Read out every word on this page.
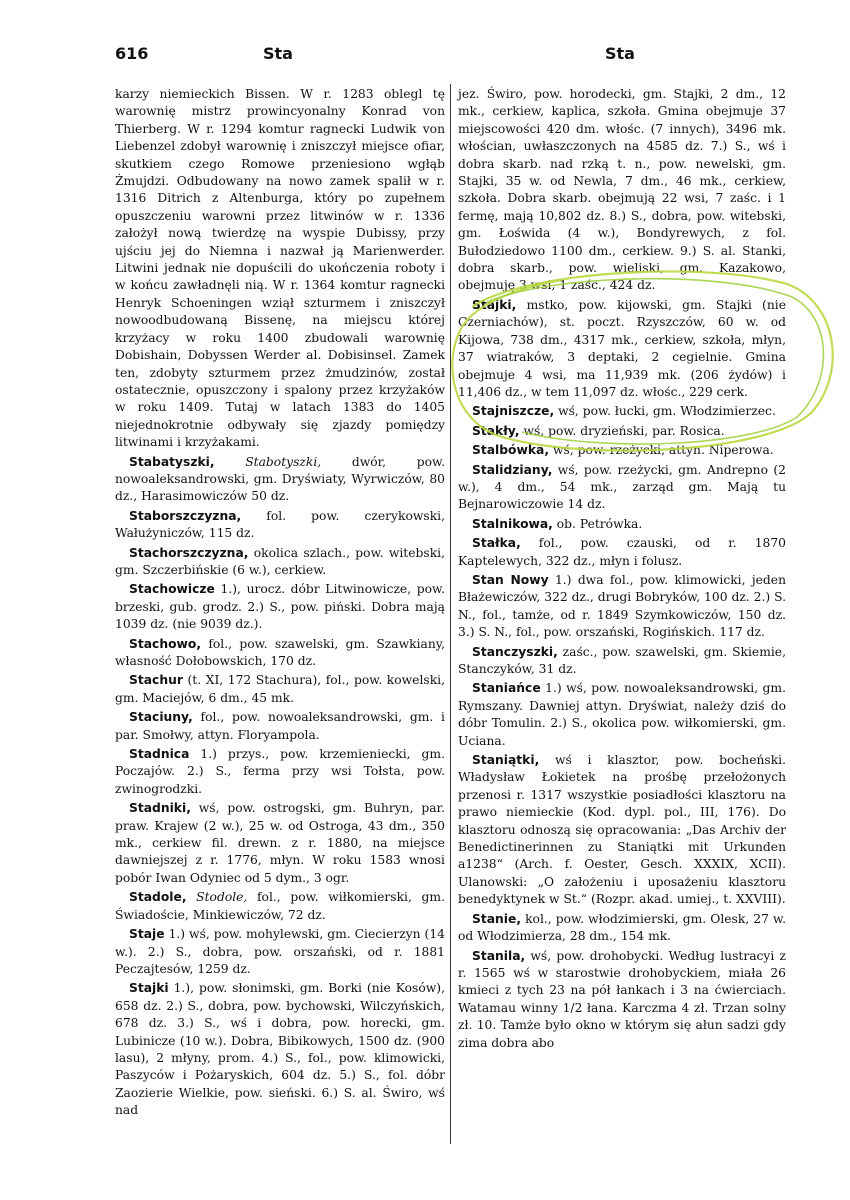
616	Sta	Sta

karzy niemieckich Bissen. W r. 1283 oblegl tę warownię mistrz prowincyonalny Konrad von Thierberg. W r. 1294 komtur ragnecki Ludwik von Liebenzel zdobył warownię i zniszczył miejsce ofiar, skutkiem czego Romowe przeniesiono wgłąb Żmujdzi. Odbudowany na nowo zamek spalił w r. 1316 Ditrich z Altenburga, który po zupełnem opuszczeniu warowni przez litwinów w r. 1336 założył nową twierdzę na wyspie Dubissy, przy ujściu jej do Niemna i nazwał ją Marienwerder. Litwini jednak nie dopuścili do ukończenia roboty i w końcu zawładnęli nią. W r. 1364 komtur ragnecki Henryk Schoeningen wziął szturmem i zniszczył nowoodbudowaną Bissenę, na miejscu której krzyżacy w roku 1400 zbudowali warownię Dobishain, Dobyssen Werder al. Dobisinsel. Zamek ten, zdobyty szturmem przez żmudzinów, został ostatecznie, opuszczony i spalony przez krzyżaków w roku 1409. Tutaj w latach 1383 do 1405 niejednokrotnie odbywały się zjazdy pomiędzy litwinami i krzyżakami.

Stabatyszki, Stabotyszki, dwór, pow. nowoaleksandrowski, gm. Dryświaty, Wyrwiczów, 80 dz., Harasimowiczów 50 dz.

Staborszczyzna, fol. pow. czerykowski, Wałużyniczów, 115 dz.

Stachorszczyzna, okolica szlach., pow. witebski, gm. Szczerbińskie (6 w.), cerkiew.

Stachowicze 1.), urocz. dóbr Litwinowicze, pow. brzeski, gub. grodz. 2.) S., pow. piński. Dobra mają 1039 dz. (nie 9039 dz.).

Stachowo, fol., pow. szawelski, gm. Szawkiany, własność Dołobowskich, 170 dz.

Stachur (t. XI, 172 Stachura), fol., pow. kowelski, gm. Maciejów, 6 dm., 45 mk.

Staciuny, fol., pow. nowoaleksandrowski, gm. i par. Smołwy, attyn. Floryampola.

Stadnica 1.) przys., pow. krzemieniecki, gm. Poczajów. 2.) S., ferma przy wsi Tołsta, pow. zwinogrodzki.

Stadniki, wś, pow. ostrogski, gm. Buhryn, par. praw. Krajew (2 w.), 25 w. od Ostroga, 43 dm., 350 mk., cerkiew fil. drewn. z r. 1880, na miejsce dawniejszej z r. 1776, młyn. W roku 1583 wnosi pobór Iwan Odyniec od 5 dym., 3 ogr.

Stadole, Stodole, fol., pow. wiłkomierski, gm. Świadoście, Minkiewiczów, 72 dz.

Staje 1.) wś, pow. mohylewski, gm. Ciecierzyn (14 w.). 2.) S., dobra, pow. orszański, od r. 1881 Peczajtesów, 1259 dz.

Stajki 1.), pow. słonimski, gm. Borki (nie Kosów), 658 dz. 2.) S., dobra, pow. bychowski, Wilczyńskich, 678 dz. 3.) S., wś i dobra, pow. horecki, gm. Lubinicze (10 w.). Dobra, Bibikowych, 1500 dz. (900 lasu), 2 młyny, prom. 4.) S., fol., pow. klimowicki, Paszyców i Pożaryskich, 604 dz. 5.) S., fol. dóbr Zaozierie Wielkie, pow. sieński. 6.) S. al. Świro, wś nad

jez. Świro, pow. horodecki, gm. Stajki, 2 dm., 12 mk., cerkiew, kaplica, szkoła. Gmina obejmuje 37 miejscowości 420 dm. włośc. (7 innych), 3496 mk. włościan, uwłaszczonych na 4585 dz. 7.) S., wś i dobra skarb. nad rzką t. n., pow. newelski, gm. Stajki, 35 w. od Newla, 7 dm., 46 mk., cerkiew, szkoła. Dobra skarb. obejmują 22 wsi, 7 zaśc. i 1 fermę, mają 10,802 dz. 8.) S., dobra, pow. witebski, gm. Łoświda (4 w.), Bondyrewych, z fol. Bułodziedowo 1100 dm., cerkiew. 9.) S. al. Stanki, dobra skarb., pow. wieliski, gm. Kazakowo, obejmuję 3 wsi, 1 zaśc., 424 dz.

Stajki, mstko, pow. kijowski, gm. Stajki (nie Czerniachów), st. poczt. Rzyszczów, 60 w. od Kijowa, 738 dm., 4317 mk., cerkiew, szkoła, młyn, 37 wiatraków, 3 deptaki, 2 cegielnie. Gmina obejmuje 4 wsi, ma 11,939 mk. (206 żydów) i 11,406 dz., w tem 11,097 dz. włośc., 229 cerk.

Stajniszcze, wś, pow. łucki, gm. Włodzimierzec.

Stakły, wś, pow. dryzieński, par. Rosica.

Stalbówka, wś, pow. rzeżycki, attyn. Niperowa.

Stalidziany, wś, pow. rzeżycki, gm. Andrepno (2 w.), 4 dm., 54 mk., zarząd gm. Mają tu Bejnarowiczowie 14 dz.

Stalnikowa, ob. Petrówka.

Stałka, fol., pow. czauski, od r. 1870 Kaptelewych, 322 dz., młyn i folusz.

Stan Nowy 1.) dwa fol., pow. klimowicki, jeden Błażewiczów, 322 dz., drugi Bobryków, 100 dz. 2.) S. N., fol., tamże, od r. 1849 Szymkowiczów, 150 dz. 3.) S. N., fol., pow. orszański, Rogińskich. 117 dz.

Stanczyszki, zaśc., pow. szawelski, gm. Skiemie, Stanczyków, 31 dz.

Staniańce 1.) wś, pow. nowoaleksandrowski, gm. Rymszany. Dawniej attyn. Dryświat, należy dziś do dóbr Tomulin. 2.) S., okolica pow. wiłkomierski, gm. Uciana.

Staniątki, wś i klasztor, pow. bocheński. Władysław Łokietek na prośbę przełożonych przenosi r. 1317 wszystkie posiadłości klasztoru na prawo niemieckie (Kod. dypl. pol., III, 176). Do klasztoru odnoszą się opracowania: „Das Archiv der Benedictinerinnen zu Staniątki mit Urkunden a1238“ (Arch. f. Oester, Gesch. XXXIX, XCII). Ulanowski: „O założeniu i uposażeniu klasztoru benedyktynek w St.“ (Rozpr. akad. umiej., t. XXVIII).

Stanie, kol., pow. włodzimierski, gm. Olesk, 27 w. od Włodzimierza, 28 dm., 154 mk.

Stanila, wś, pow. drohobycki. Według lustracyi z r. 1565 wś w starostwie drohobyckiem, miała 26 kmieci z tych 23 na pół łankach i 3 na ćwierciach. Watamau winny 1/2 łana. Karczma 4 zł. Trzan solny zł. 10. Tamże było okno w którym się ałun sadzi gdy zima dobra abo
